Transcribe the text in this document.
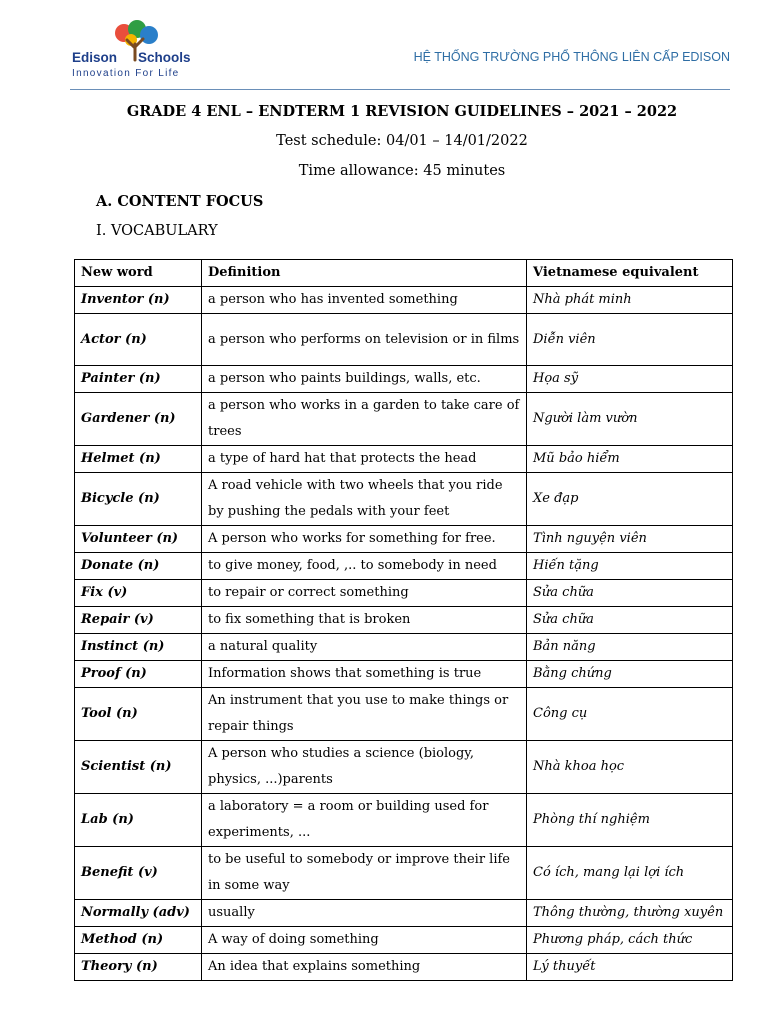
Edison Schools
Innovation For Life
HỆ THỐNG TRƯỜNG PHỔ THÔNG LIÊN CẤP EDISON
GRADE 4 ENL – ENDTERM 1 REVISION GUIDELINES – 2021 – 2022
Test schedule: 04/01 – 14/01/2022
Time allowance: 45 minutes
A. CONTENT FOCUS
I. VOCABULARY
New word	Definition	Vietnamese equivalent
Inventor (n)	a person who has invented something	Nhà phát minh
Actor (n)	a person who performs on television or in films	Diễn viên
Painter (n)	a person who paints buildings, walls, etc.	Họa sỹ
Gardener (n)	a person who works in a garden to take care of trees	Người làm vườn
Helmet (n)	a type of hard hat that protects the head	Mũ bảo hiểm
Bicycle (n)	A road vehicle with two wheels that you ride by pushing the pedals with your feet	Xe đạp
Volunteer (n)	A person who works for something for free.	Tình nguyện viên
Donate (n)	to give money, food, ,.. to somebody in need	Hiến tặng
Fix (v)	to repair or correct something	Sửa chữa
Repair (v)	to fix something that is broken	Sửa chữa
Instinct (n)	a natural quality	Bản năng
Proof (n)	Information shows that something is true	Bằng chứng
Tool (n)	An instrument that you use to make things or repair things	Công cụ
Scientist (n)	A person who studies a science (biology, physics, ...)parents	Nhà khoa học
Lab (n)	a laboratory = a room or building used for experiments, ...	Phòng thí nghiệm
Benefit (v)	to be useful to somebody or improve their life in some way	Có ích, mang lại lợi ích
Normally (adv)	usually	Thông thường, thường xuyên
Method (n)	A way of doing something	Phương pháp, cách thức
Theory (n)	An idea that explains something	Lý thuyết
